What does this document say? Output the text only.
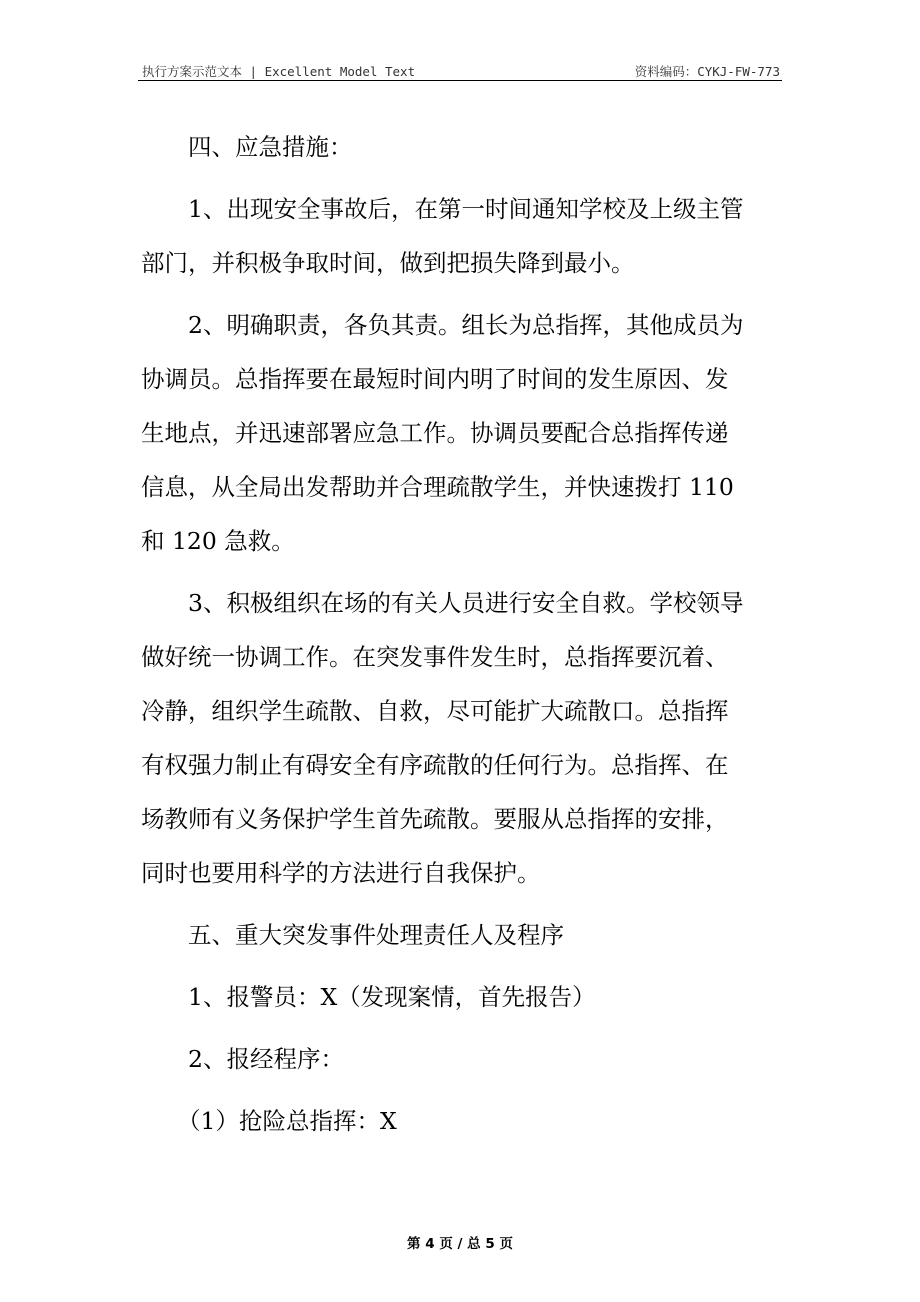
执行方案示范文本 | Excellent Model Text	资料编码：CYKJ-FW-773
四、应急措施：
1、出现安全事故后，在第一时间通知学校及上级主管
部门，并积极争取时间，做到把损失降到最小。
2、明确职责，各负其责。组长为总指挥，其他成员为
协调员。总指挥要在最短时间内明了时间的发生原因、发
生地点，并迅速部署应急工作。协调员要配合总指挥传递
信息，从全局出发帮助并合理疏散学生，并快速拨打 110
和 120 急救。
3、积极组织在场的有关人员进行安全自救。学校领导
做好统一协调工作。在突发事件发生时，总指挥要沉着、
冷静，组织学生疏散、自救，尽可能扩大疏散口。总指挥
有权强力制止有碍安全有序疏散的任何行为。总指挥、在
场教师有义务保护学生首先疏散。要服从总指挥的安排，
同时也要用科学的方法进行自我保护。
五、重大突发事件处理责任人及程序
1、报警员：X（发现案情，首先报告）
2、报经程序：
（1）抢险总指挥：X
第 4 页 / 总 5 页
